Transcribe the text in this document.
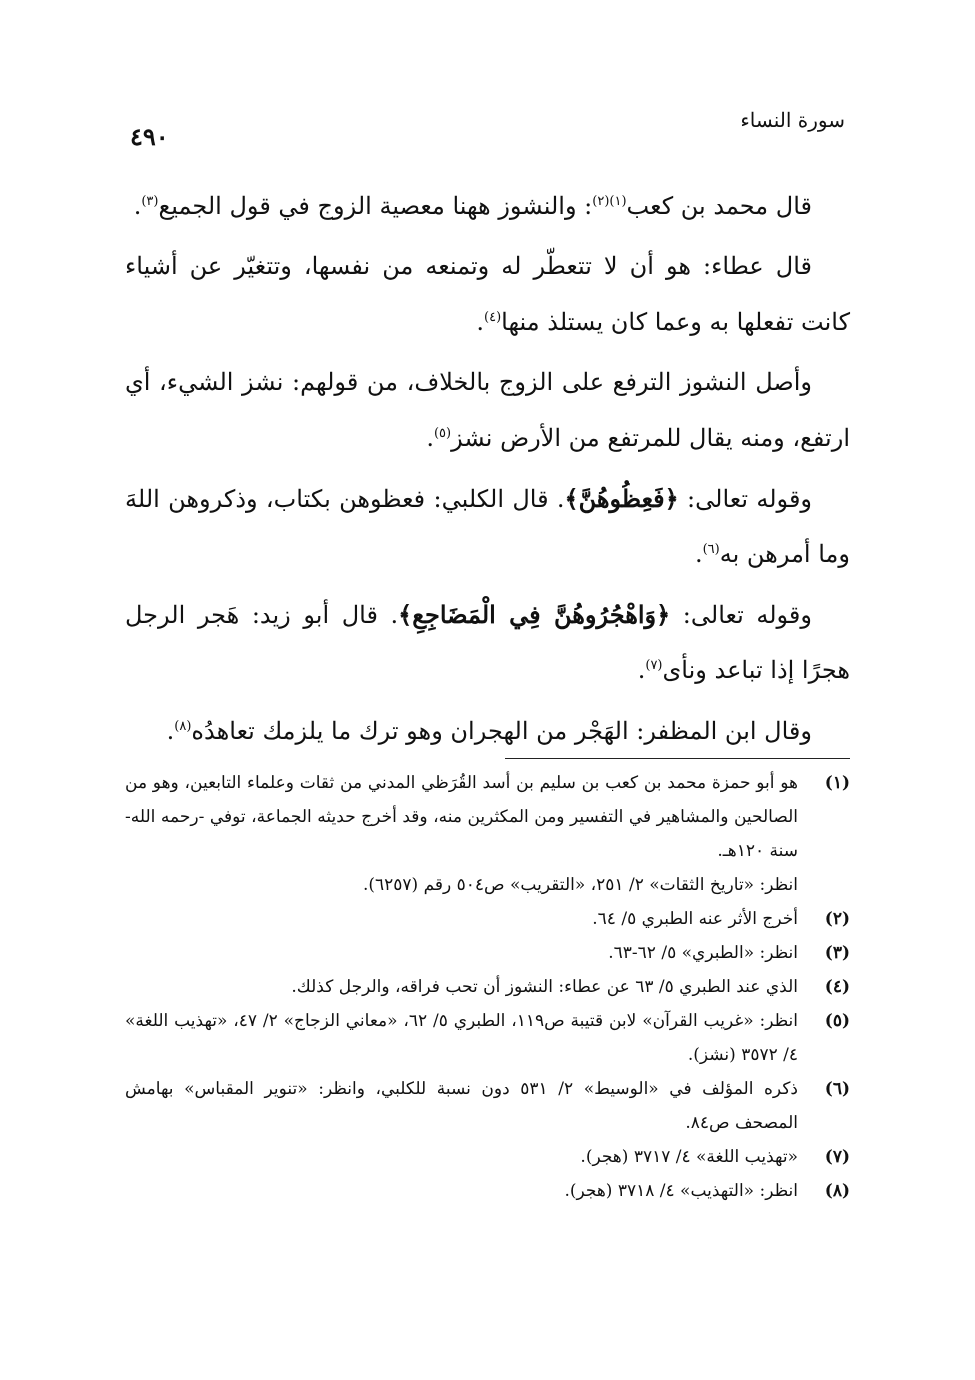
سورة النساء
٤٩٠

قال محمد بن كعب$^{(١)(٢)}$: والنشوز ههنا معصية الزوج في قول الجميع$^{(٣)}$.

قال عطاء: هو أن لا تتعطّر له وتمنعه من نفسها، وتتغيّر عن أشياء كانت تفعلها به وعما كان يستلذ منها$^{(٤)}$.

وأصل النشوز الترفع على الزوج بالخلاف، من قولهم: نشز الشيء، أي ارتفع، ومنه يقال للمرتفع من الأرض نشز$^{(٥)}$.

وقوله تعالى: ﴿فَعِظُوهُنَّ﴾. قال الكلبي: فعظوهن بكتاب، وذكروهن اللهَ وما أمرهن به$^{(٦)}$.

وقوله تعالى: ﴿وَاهْجُرُوهُنَّ فِي الْمَضَاجِعِ﴾. قال أبو زيد: هَجر الرجل هجرًا إذا تباعد ونأى$^{(٧)}$.

وقال ابن المظفر: الهَجْر من الهجران وهو ترك ما يلزمك تعاهدُه$^{(٨)}$.

(١)
هو أبو حمزة محمد بن كعب بن سليم بن أسد القُرَظي المدني من ثقات وعلماء التابعين، وهو من الصالحين والمشاهير في التفسير ومن المكثرين منه، وقد أخرج حديثه الجماعة، توفي -رحمه الله- سنة ١٢٠هـ.
انظر: «تاريخ الثقات» ٢/ ٢٥١، «التقريب» ص٥٠٤ رقم (٦٢٥٧).
(٢)
أخرج الأثر عنه الطبري ٥/ ٦٤.
(٣)
انظر: «الطبري» ٥/ ٦٢-٦٣.
(٤)
الذي عند الطبري ٥/ ٦٣ عن عطاء: النشوز أن تحب فراقه، والرجل كذلك.
(٥)
انظر: «غريب القرآن» لابن قتيبة ص١١٩، الطبري ٥/ ٦٢، «معاني الزجاج» ٢/ ٤٧، «تهذيب اللغة» ٤/ ٣٥٧٢ (نشز).
(٦)
ذكره المؤلف في «الوسيط» ٢/ ٥٣١ دون نسبة للكلبي، وانظر: «تنوير المقباس» بهامش المصحف ص٨٤.
(٧)
«تهذيب اللغة» ٤/ ٣٧١٧ (هجر).
(٨)
انظر: «التهذيب» ٤/ ٣٧١٨ (هجر).
